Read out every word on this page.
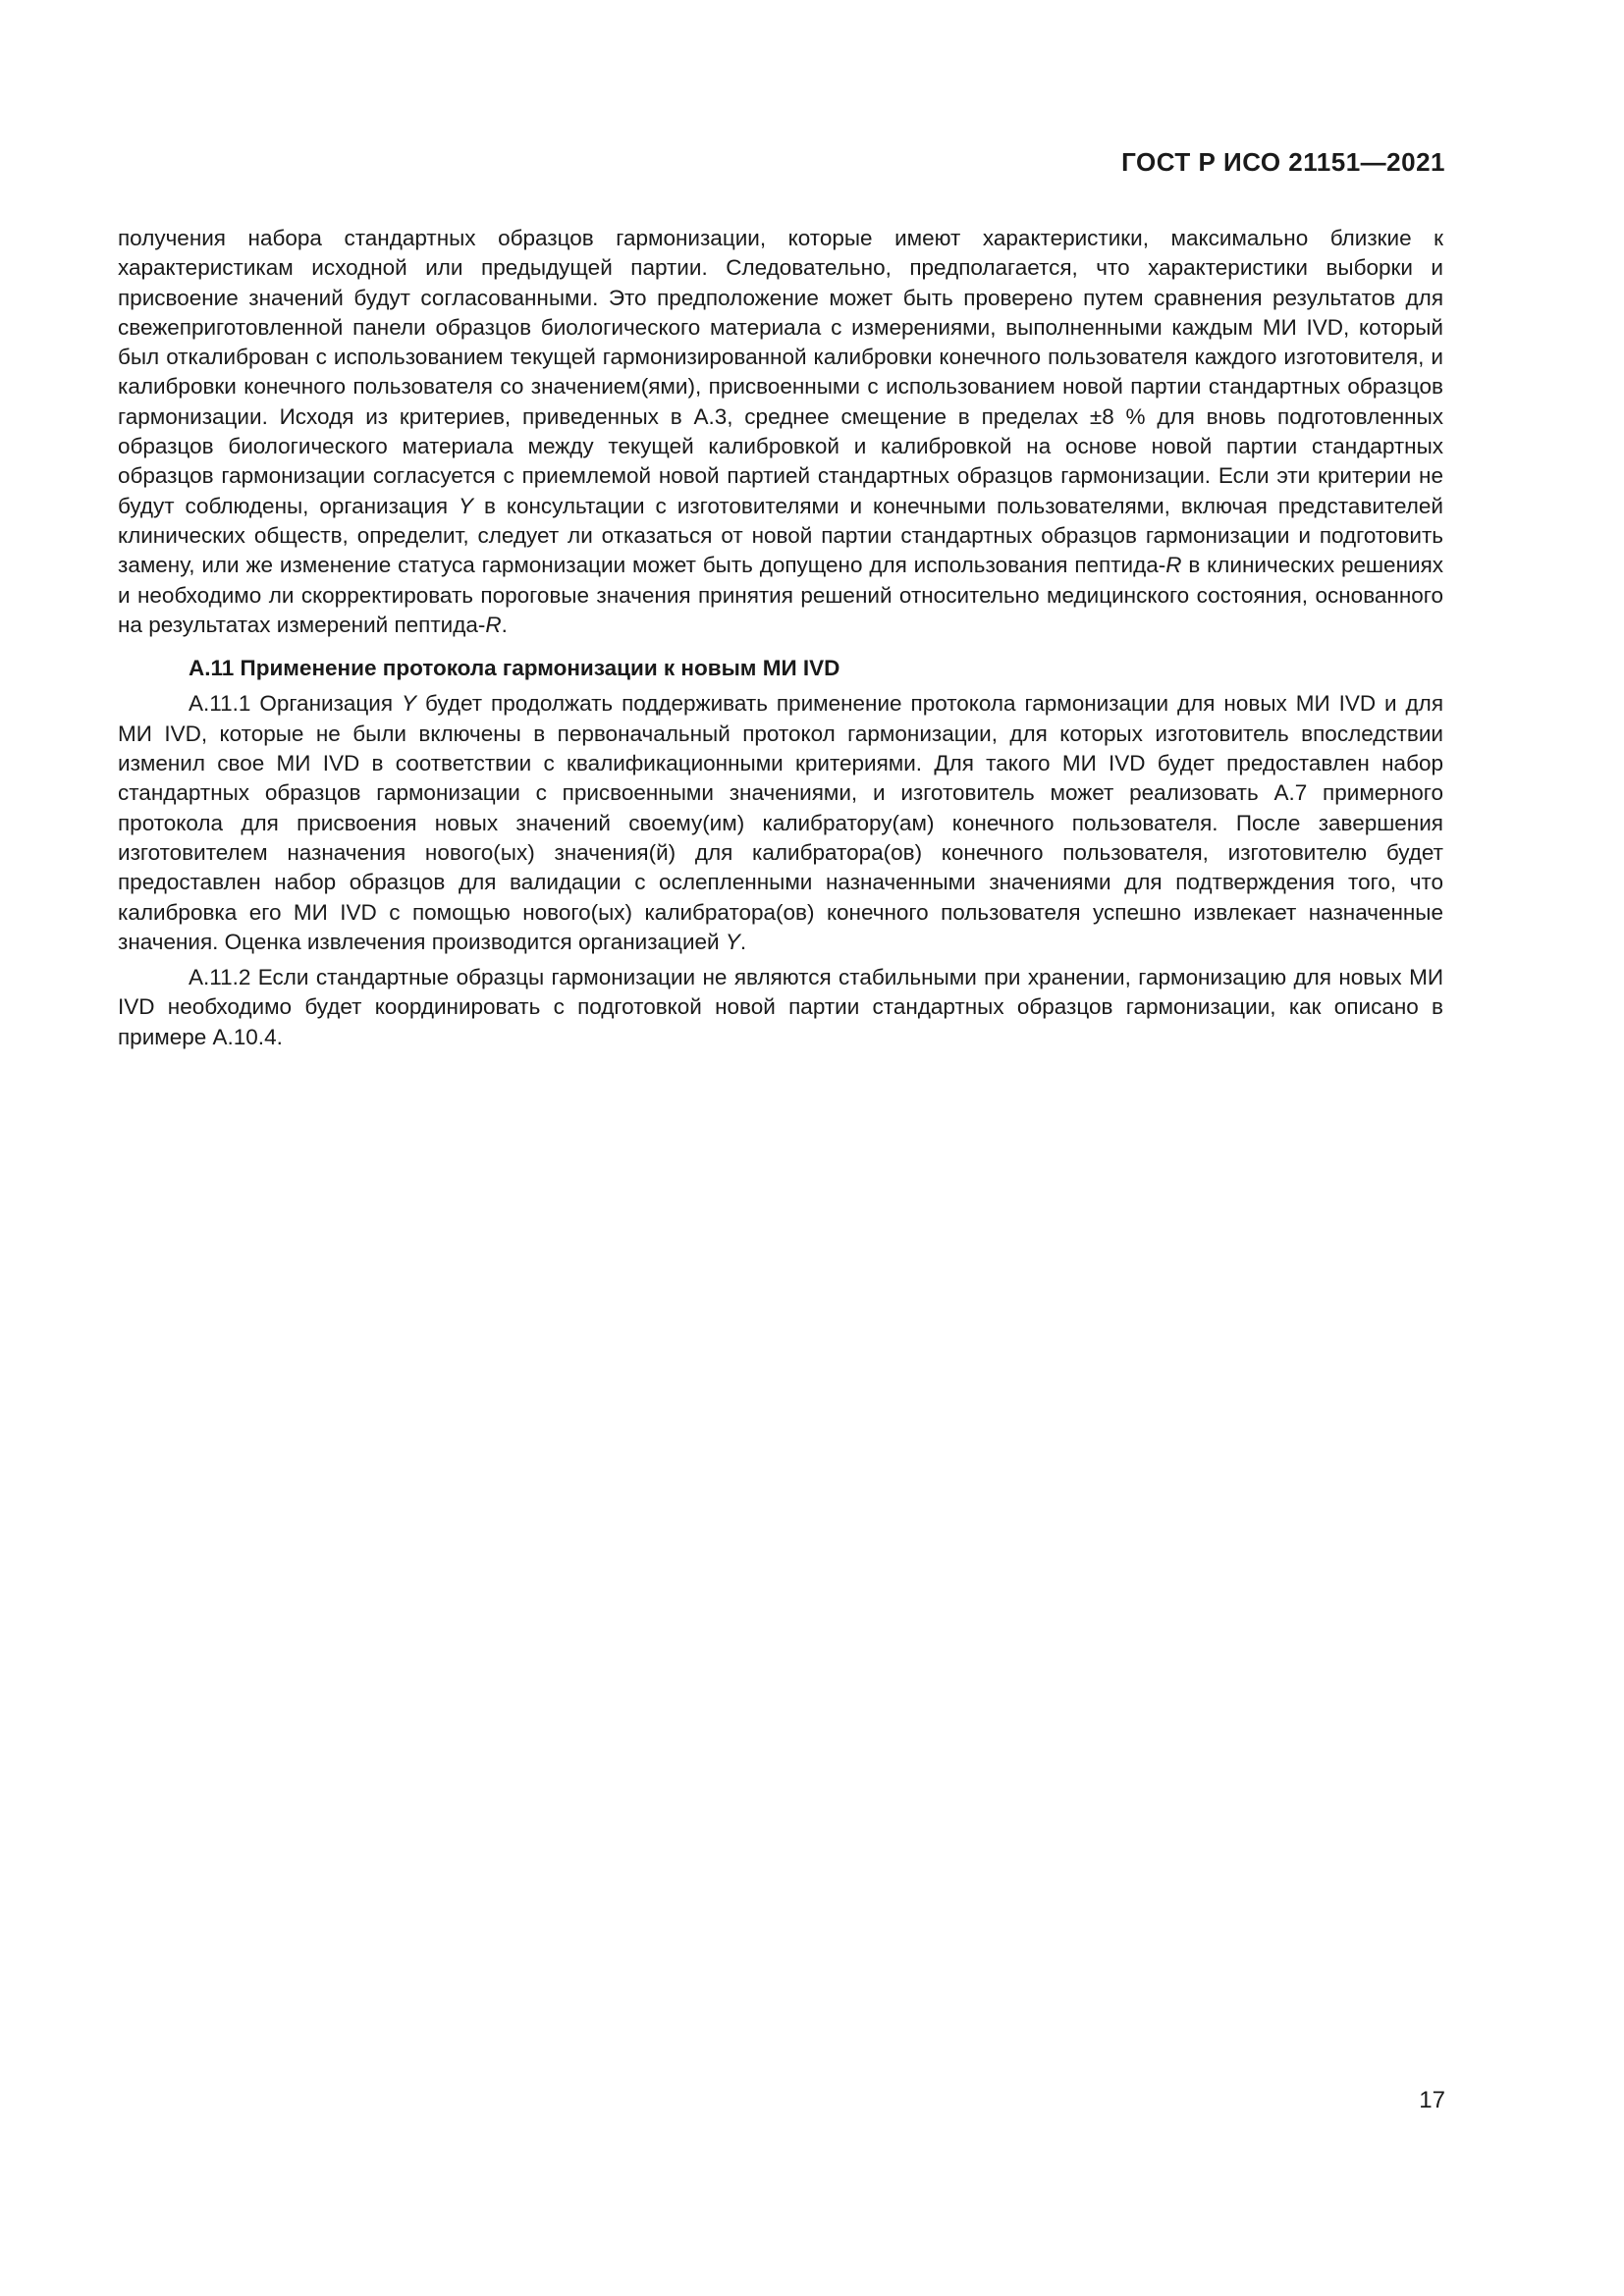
ГОСТ Р ИСО 21151—2021

получения набора стандартных образцов гармонизации, которые имеют характеристики, максимально близкие к характеристикам исходной или предыдущей партии. Следовательно, предполагается, что характеристики выборки и присвоение значений будут согласованными. Это предположение может быть проверено путем сравнения результатов для свежеприготовленной панели образцов биологического материала с измерениями, выполненными каждым МИ IVD, который был откалиброван с использованием текущей гармонизированной калибровки конечного пользователя каждого изготовителя, и калибровки конечного пользователя со значением(ями), присвоенными с использованием новой партии стандартных образцов гармонизации. Исходя из критериев, приведенных в А.3, среднее смещение в пределах ±8 % для вновь подготовленных образцов биологического материала между текущей калибровкой и калибровкой на основе новой партии стандартных образцов гармонизации согласуется с приемлемой новой партией стандартных образцов гармонизации. Если эти критерии не будут соблюдены, организация Y в консультации с изготовителями и конечными пользователями, включая представителей клинических обществ, определит, следует ли отказаться от новой партии стандартных образцов гармонизации и подготовить замену, или же изменение статуса гармонизации может быть допущено для использования пептида-R в клинических решениях и необходимо ли скорректировать пороговые значения принятия решений относительно медицинского состояния, основанного на результатах измерений пептида-R.

А.11 Применение протокола гармонизации к новым МИ IVD

А.11.1 Организация Y будет продолжать поддерживать применение протокола гармонизации для новых МИ IVD и для МИ IVD, которые не были включены в первоначальный протокол гармонизации, для которых изготовитель впоследствии изменил свое МИ IVD в соответствии с квалификационными критериями. Для такого МИ IVD будет предоставлен набор стандартных образцов гармонизации с присвоенными значениями, и изготовитель может реализовать А.7 примерного протокола для присвоения новых значений своему(им) калибратору(ам) конечного пользователя. После завершения изготовителем назначения нового(ых) значения(й) для калибратора(ов) конечного пользователя, изготовителю будет предоставлен набор образцов для валидации с ослепленными назначенными значениями для подтверждения того, что калибровка его МИ IVD с помощью нового(ых) калибратора(ов) конечного пользователя успешно извлекает назначенные значения. Оценка извлечения производится организацией Y.

А.11.2 Если стандартные образцы гармонизации не являются стабильными при хранении, гармонизацию для новых МИ IVD необходимо будет координировать с подготовкой новой партии стандартных образцов гармонизации, как описано в примере А.10.4.

17
